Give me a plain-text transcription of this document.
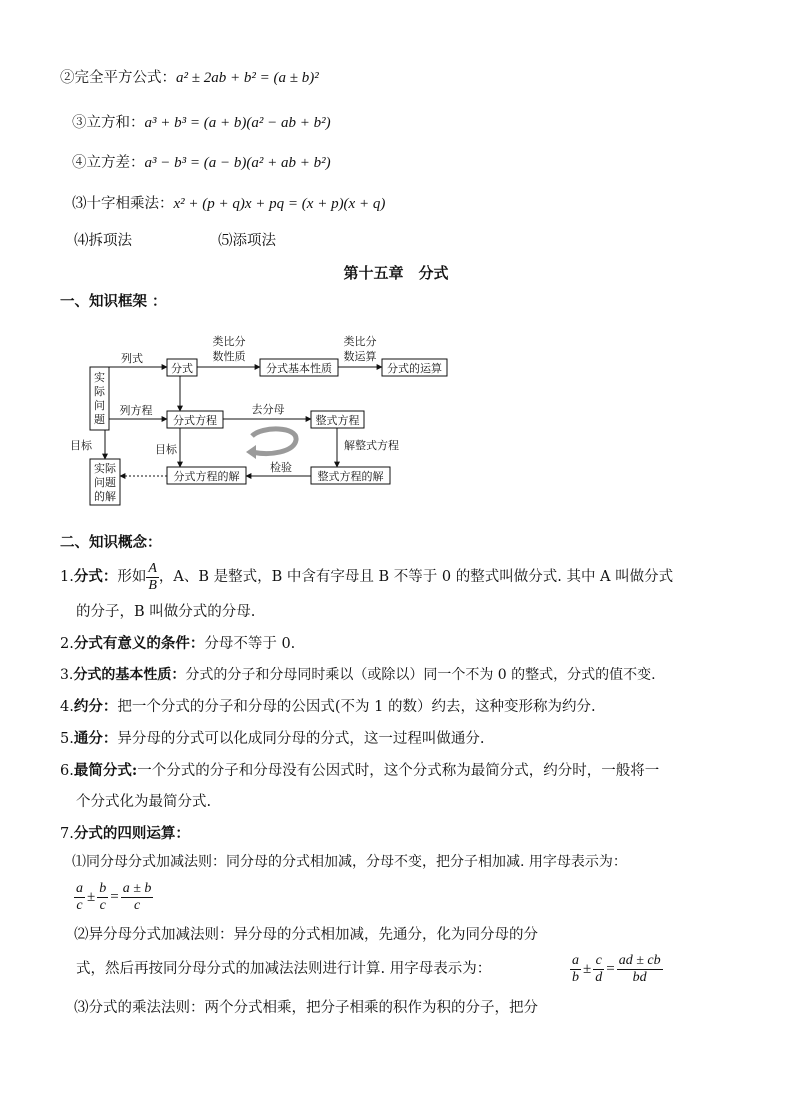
②完全平方公式：a² ± 2ab + b² = (a ± b)²
③立方和：a³ + b³ = (a + b)(a² − ab + b²)
④立方差：a³ − b³ = (a − b)(a² + ab + b²)
⑶十字相乘法：x² + (p + q)x + pq = (x + p)(x + q)
⑷拆项法	⑸添项法
第十五章　分式
一、知识框架 ：
实
际
问
题
实际
问题
的解
分式	分式基本性质	分式的运算
分式方程	整式方程
分式方程的解	整式方程的解
列式
类比分
数性质
类比分
数运算
列方程	去分母
解整式方程
检验
目标	目标
二、知识概念：
1.分式：形如 $\frac{A}{B}$ ，A、B 是整式，B 中含有字母且 B 不等于 0 的整式叫做分式. 其中 A 叫做分式
的分子，B 叫做分式的分母.
2.分式有意义的条件：分母不等于 0.
3.分式的基本性质：分式的分子和分母同时乘以（或除以）同一个不为 0 的整式，分式的值不变.
4.约分：把一个分式的分子和分母的公因式(不为 1 的数）约去，这种变形称为约分.
5.通分：异分母的分式可以化成同分母的分式，这一过程叫做通分.
6.最简分式:一个分式的分子和分母没有公因式时，这个分式称为最简分式，约分时，一般将一
个分式化为最简分式.
7.分式的四则运算：
⑴同分母分式加减法则：同分母的分式相加减，分母不变，把分子相加减. 用字母表示为：
$\frac{a}{c} \pm \frac{b}{c} = \frac{a \pm b}{c}$
⑵异分母分式加减法则：异分母的分式相加减，先通分，化为同分母的分
式，然后再按同分母分式的加减法法则进行计算. 用字母表示为：	$\frac{a}{b} \pm \frac{c}{d} = \frac{ad \pm cb}{bd}$
⑶分式的乘法法则：两个分式相乘，把分子相乘的积作为积的分子，把分
